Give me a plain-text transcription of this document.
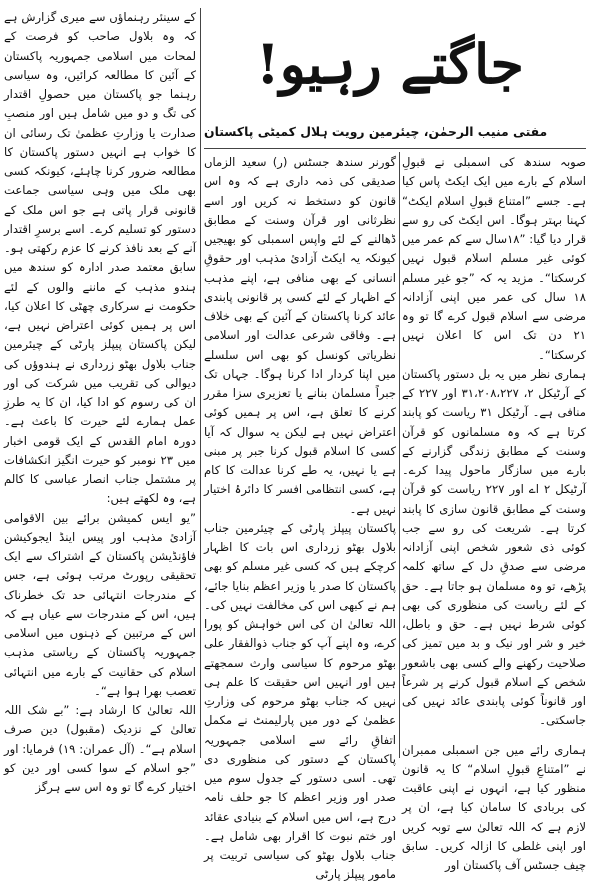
جاگتے رہیو!
مفتی منیب الرحمٰن، چیئرمین رویت ہلال کمیٹی پاکستان

صوبہ سندھ کی اسمبلی نے قبولِ اسلام کے بارے میں ایک ایکٹ پاس کیا ہے۔ جسے ”امتناع قبولِ اسلام ایکٹ“ کہنا بہتر ہوگا۔ اس ایکٹ کی رو سے قرار دیا گیا: ”۱۸سال سے کم عمر میں کوئی غیر مسلم اسلام قبول نہیں کرسکتا“۔ مزید یہ کہ ”جو غیر مسلم ۱۸ سال کی عمر میں اپنی آزادانہ مرضی سے اسلام قبول کرے گا تو وہ ۲۱ دن تک اس کا اعلان نہیں کرسکتا“۔

ہماری نظر میں یہ بل دستور پاکستان کے آرٹیکل ۲، ۳۱،۲۰۸،۲۲۷ اور ۲۲۷ کے منافی ہے۔ آرٹیکل ۳۱ ریاست کو پابند کرتا ہے کہ وہ مسلمانوں کو قرآن وسنت کے مطابق زندگی گزارنے کے بارے میں سازگار ماحول پیدا کرے۔ آرٹیکل ۲ اے اور ۲۲۷ ریاست کو قرآن وسنت کے مطابق قانون سازی کا پابند کرتا ہے۔ شریعت کی رو سے جب کوئی ذی شعور شخص اپنی آزادانہ مرضی سے صدقِ دل کے ساتھ کلمہ پڑھے، تو وہ مسلمان ہو جاتا ہے۔ حق کے لئے ریاست کی منظوری کی بھی کوئی شرط نہیں ہے۔ حق و باطل، خیر و شر اور نیک و بد میں تمیز کی صلاحیت رکھنے والے کسی بھی باشعور شخص کے اسلام قبول کرنے پر شرعاً اور قانوناً کوئی پابندی عائد نہیں کی جاسکتی۔

ہماری رائے میں جن اسمبلی ممبران نے ”امتناعِ قبولِ اسلام“ کا یہ قانون منظور کیا ہے، انہوں نے اپنی عاقبت کی بربادی کا سامان کیا ہے، ان پر لازم ہے کہ اللہ تعالیٰ سے توبہ کریں اور اپنی غلطی کا ازالہ کریں۔ سابق چیف جسٹس آف پاکستان اور

گورنر سندھ جسٹس (ر) سعید الزماں صدیقی کی ذمہ داری ہے کہ وہ اس قانون کو دستخط نہ کریں اور اسے نظرثانی اور قرآن وسنت کے مطابق ڈھالنے کے لئے واپس اسمبلی کو بھیجیں کیونکہ یہ ایکٹ آزادیٔ مذہب اور حقوقِ انسانی کے بھی منافی ہے، اپنے مذہب کے اظہار کے لئے کسی پر قانونی پابندی عائد کرنا پاکستان کے آئین کے بھی خلاف ہے۔ وفاقی شرعی عدالت اور اسلامی نظریاتی کونسل کو بھی اس سلسلے میں اپنا کردار ادا کرنا ہوگا۔ جہاں تک جبراً مسلمان بنانے یا تعزیری سزا مقرر کرنے کا تعلق ہے، اس پر ہمیں کوئی اعتراض نہیں ہے لیکن یہ سوال کہ آیا کسی کا اسلام قبول کرنا جبر پر مبنی ہے یا نہیں، یہ طے کرنا عدالت کا کام ہے، کسی انتظامی افسر کا دائرۂ اختیار نہیں ہے۔

پاکستان پیپلز پارٹی کے چیئرمین جناب بلاول بھٹو زرداری اس بات کا اظہار کرچکے ہیں کہ کسی غیر مسلم کو بھی پاکستان کا صدر یا وزیر اعظم بنایا جائے، ہم نے کبھی اس کی مخالفت نہیں کی۔ اللہ تعالیٰ ان کی اس خواہش کو پورا کرے، وہ اپنے آپ کو جناب ذوالفقار علی بھٹو مرحوم کا سیاسی وارث سمجھتے ہیں اور انہیں اس حقیقت کا علم ہی نہیں کہ جناب بھٹو مرحوم کی وزارتِ عظمیٰ کے دور میں پارلیمنٹ نے مکمل اتفاقِ رائے سے اسلامی جمہوریہ پاکستان کے دستور کی منظوری دی تھی۔ اسی دستور کے جدول سوم میں صدر اور وزیر اعظم کا جو حلف نامہ درج ہے، اس میں اسلام کے بنیادی عقائد اور ختم نبوت کا اقرار بھی شامل ہے۔ جناب بلاول بھٹو کی سیاسی تربیت پر مامور پیپلز پارٹی

کے سینئر رہنماؤں سے میری گزارش ہے کہ وہ بلاول صاحب کو فرصت کے لمحات میں اسلامی جمہوریہ پاکستان کے آئین کا مطالعہ کرائیں، وہ سیاسی رہنما جو پاکستان میں حصولِ اقتدار کی تگ و دو میں شامل ہیں اور منصبِ صدارت یا وزارتِ عظمیٰ تک رسائی ان کا خواب ہے انہیں دستور پاکستان کا مطالعہ ضرور کرنا چاہئے، کیونکہ کسی بھی ملک میں وہی سیاسی جماعت قانونی قرار پاتی ہے جو اس ملک کے دستور کو تسلیم کرے۔ اسے برسرِ اقتدار آنے کے بعد نافذ کرنے کا عزم رکھتی ہو۔ سابق معتمد صدر ادارہ کو سندھ میں ہندو مذہب کے ماننے والوں کے لئے حکومت نے سرکاری چھٹی کا اعلان کیا، اس پر ہمیں کوئی اعتراض نہیں ہے، لیکن پاکستان پیپلز پارٹی کے چیئرمین جناب بلاول بھٹو زرداری نے ہندوؤں کی دیوالی کی تقریب میں شرکت کی اور ان کی رسوم کو ادا کیا، ان کا یہ طرزِ عمل ہمارے لئے حیرت کا باعث ہے۔ دورہ امام القدس کے ایک قومی اخبار میں ۲۳ نومبر کو حیرت انگیز انکشافات پر مشتمل جناب انصار عباسی کا کالم ہے، وہ لکھتے ہیں:

”یو ایس کمیشن برائے بین الاقوامی آزادیٔ مذہب اور پیس اینڈ ایجوکیشن فاؤنڈیشن پاکستان کے اشتراک سے ایک تحقیقی رپورٹ مرتب ہوئی ہے، جس کے مندرجات انتہائی حد تک خطرناک ہیں، اس کے مندرجات سے عیاں ہے کہ اس کے مرتبین کے ذہنوں میں اسلامی جمہوریہ پاکستان کے ریاستی مذہب اسلام کی حقانیت کے بارے میں انتہائی تعصب بھرا ہوا ہے“۔

اللہ تعالیٰ کا ارشاد ہے: ”بے شک اللہ تعالیٰ کے نزدیک (مقبول) دین صرف اسلام ہے“۔ (آل عمران: ۱۹) فرمایا: اور ”جو اسلام کے سوا کسی اور دین کو اختیار کرے گا تو وہ اس سے ہرگز
